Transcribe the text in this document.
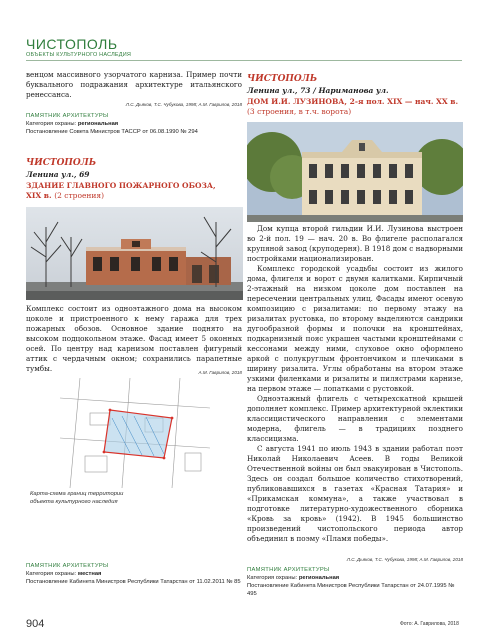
ЧИСТОПОЛЬ
ОБЪЕКТЫ КУЛЬТУРНОГО НАСЛЕДИЯ
венцом массивного узорчатого карниза. Пример почти буквального подражания архитектуре итальянского ренессанса.
Л.С. Дьяков, Т.С. Чубукова, 1998; А.М. Гаврилов, 2018
ПАМЯТНИК АРХИТЕКТУРЫ
Категория охраны: региональная
Постановление Совета Министров ТАССР от 06.08.1990 № 294
ЧИСТОПОЛЬ
Ленина ул., 69
ЗДАНИЕ ГЛАВНОГО ПОЖАРНОГО ОБОЗА,
XIX в. (2 строения)
Комплекс состоит из одноэтажного дома на высоком цоколе и пристроенного к нему гаража для трех пожарных обозов. Основное здание поднято на высоком подцокольном этаже. Фасад имеет 5 оконных осей. По центру над карнизом поставлен фигурный аттик с чердачным окном; сохранились парапетные тумбы.	А.М. Гаврилов, 2018
Карта-схема границ территории
объекта культурного наследия
ПАМЯТНИК АРХИТЕКТУРЫ
Категория охраны: местная
Постановление Кабинета Министров Республики Татарстан от 11.02.2011 № 85
ЧИСТОПОЛЬ
Ленина ул., 73 / Нариманова ул.
ДОМ И.И. ЛУЗИНОВА, 2-я пол. XIX — нач. XX в.
(3 строения, в т.ч. ворота)
Дом купца второй гильдии И.И. Лузинова выстроен во 2-й пол. 19 — нач. 20 в. Во флигеле располагался крупяной завод (круподерня). В 1918 дом с надворными постройками национализирован.
Комплекс городской усадьбы состоит из жилого дома, флигеля и ворот с двумя калитками. Кирпичный 2-этажный на низком цоколе дом поставлен на пересечении центральных улиц. Фасады имеют осевую композицию с ризалитами: по первому этажу на ризалитах рустовка, по второму выделяются сандрики дугообразной формы и полочки на кронштейнах, подкарнизный пояс украшен частыми кронштейнами с кессонами между ними, слуховое окно оформлено аркой с полукруглым фронтончиком и плечиками в ширину ризалита. Углы обработаны на втором этаже узкими филенками и ризалиты и пилястрами карнизе, на первом этаже — лопатками с рустовкой.
Одноэтажный флигель с четырехскатной крышей дополняет комплекс. Пример архитектурной эклектики классицистического направления с элементами модерна, флигель — в традициях позднего классицизма.
С августа 1941 по июль 1943 в здании работал поэт Николай Николаевич Асеев. В годы Великой Отечественной войны он был эвакуирован в Чистополь. Здесь он создал большое количество стихотворений, публиковавшихся в газетах «Красная Татария» и «Прикамская коммуна», а также участвовал в подготовке литературно-художественного сборника «Кровь за кровь» (1942). В 1945 большинство произведений чистопольского периода автор объединил в поэму «Пламя победы».
Л.С. Дьяков, Т.С. Чубукова, 1998; А.М. Гаврилов, 2018
ПАМЯТНИК АРХИТЕКТУРЫ
Категория охраны: региональная
Постановление Кабинета Министров Республики Татарстан от 24.07.1995 № 495
904	Фото: А. Гаврилова, 2018
